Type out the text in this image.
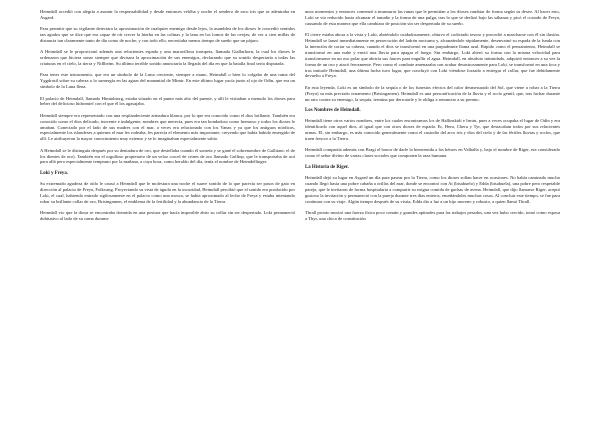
Heimdall accedió con alegría a asumir la responsabilidad y desde entonces velóba y noche el sendero de arco iris que se adentraba en Asgard.

Para permitir que su vigilante detectara la aproximación de cualquier enemigo desde lejos, la asamblea de los dioses le concedió sentidos tan agudos que se dice que era capaz de oír crecer la hierba en las colinas y la lana en los lomos de las ovejas; de ver a cien millas de distancia tan claramente tanto de día como de noche; y con todo ello, necesitaba menos tiempo de sueño que un pájaro.

A Heimdall se le proporcionó además una relucientes espada y una maravillosa trompeta, llamada Giallarhorn, la cual los dioses le ordenaron que hiciera sonar siempre que divisara la aproximación de sus enemigos, declarando que su sonido despertaría a todas las criaturas en el cielo, la tierra y Niflheim. Su último terrible sonido anunciaría la llegada del día en que la batalla final sería disputada.

Para tener este instrumento, que era un símbolo de la Luna creciente, siempre a mano, Heimdall o bien lo colgaba de una rama del Yggdrasil sobre su cabeza o lo sumergía en las aguas del manantial de Mimir. En este último lugar yacía junto al ojo de Odín, que era un símbolo de la Luna llena.

El palacio de Heimdall, llamado Himinbiorg, estaba situado en el punto más alto del puente, y allí le visitaban a menudo los dioses para beber del delicioso hidromiel con el que él los agasajaba.

Heimdall siempre era representado con una resplandeciente armadura blanca, por lo que era conocido como el dios brillante. También era conocido como el dios delicado, inocente e indulgente, nombres que merecía, pues era tan bondadoso como hermoso y todos los dioses le amaban. Conectado por el lado de sus madres con el mar, a veces era relacionado con los Vanas y ya que los antiguos nórdicos, especialmente los islandeses a quienes el mar les rodeaba, les parecía el elemento más importante, creyendo que había habido emergido de allí. Le atribuyeron la mayor conocimiento muy extenso y se lo imaginaban especialmente sabio.

A Heimdall se le distinguía después por su dentadura de oro, que destellaba cuando él sonreía y se gané el sobrenombre de Gullitani: el de los dientes de oro). También era el orgulloso propietario de un veloz corcel de crines de oro llamado Gulltop, que le transportaba de acá para allá pero especialmente temprano por la mañana, a cuya hora, como heraldo del día, tenía el nombre de Heimdellinger.

Loki y Freya.

Su extremado agudeza de oído le causó a Heimdall que le molestara una noche el suave sonido de lo que parecía ser pasos de gato en dirección al palacio de Freya, Folkvang. Proyectando su vista de águila en la oscuridad, Heimdall percibió que el sonido era producido por Loki, el cual, habiendo entrado sigilosamente en el palacio como una mosca, se había aproximado al lecho de Freya y estaba intentando robar su brillante collar de oro, Brisingamen, el emblema de la fertilidad y la abundancia de la Tierra.

Heimdall vio que la diosa se encontraba dormida en una postura que hacía imposible abrir su collar sin ser despertada. Loki permaneció dubitativo al lado de su cama durante

unos momentos y entonces comenzó a murmurar las runas que le permitían a los dioses cambiar de forma según su deseo. Al hacer esto, Loki se vio reducido hasta alcanzar el tamaño y la forma de una pulga, tras lo que se deslizó bajo las sábanas y picó el costado de Freya, causando de esta manera que ella cambiara de posición sin ser despertada de su sueño.

El cierre estaba ahora a la vista y Loki, abriéndolo cuidadosamente, obtuvo el codiciado tesoro y procedió a marcharse con él sin ilusión. Heimdall se lanzó inmediatamente en persecución del ladrón nocturno y, alcanzándole rápidamente, desenvainó su espada de la funda con la intención de cortar su cabeza, cuando el dios se transformó en una parpadeante llama azul. Rápido como el pensamiento, Heimdall se transformó en una nube y envió una lluvia para apagar el fuego. Sin embargo, Loki alteró su forma con la misma velocidad para transformarse en un oso polar que abriría sus fauces para engullir el agua. Heimdall, en absoluto intimidado, adquirió entonces a su vez la forma de un oso y atacó ferozmente. Pero como el combate amenazaba con acabar desastrosamente para Loki, se transformó en una foca y tras imitarle Heimdall, una última lucha tuvo lugar, que concluyó con Loki viéndose forzado a entregar el collar, que fue debidamente devuelto a Freya.

En esta leyenda, Loki es un símbolo de la sequía o de los funestos efectos del calor desmesurado del Sol, que viene a robar a la Tierra (Freya) su más preciado ornamento (Brisingamen). Heimdall es una personificación de la lluvia y el rocío gentil, que, tras luchar durante un rato contra su enemigo, la sequía, termina por derrotarle y le obliga a renunciar a su premio.

Los Nombres de Heimdall.

Heimdall tiene otros varios nombres, entre los cuales encontramos los de Hallinskidi e Irmin, pues a veces ocupaba el lugar de Odín y era identificado con aquel dios, al igual que con otros dioses de espada. Er, Heru, Cheru y Tyr, que destacaban todos por sus relucientes armas. El, sin embargo, es más conocido generalmente como el custodio del arco iris y dios del cielo y de las fértiles lluvias y rocíos, que traen frescor a la Tierra.

Heimdall compartía además con Bragi el honor de darle la bienvenida a los héroes en Valhalla y, bajo el nombre de Riger, era considerado como el señor divino de varias clases sociales que componen la raza humana.

La Historia de Riger.

Heimdall dejó su lugar en Asgard un día para pasear por la Tierra, como los dioses solían hacer en ocasiones. No había caminado mucho cuando llegó hasta una pobre cabaña a orillas del mar, donde se encontró con Ai (bisabuelo) y Edda (bisabuela), una pobre pero respetable pareja, que le invitaron de forma hospitalaria a compartir su exigua comida de gachas de avena. Heimdall, que dijo llamarse Riger, aceptó gustoso la invitación y permaneció con la pareja durante tres días enteros, enseñándoles muchas cosas. Al concluir este tiempo, se fue para continuar con su viaje. Algún tiempo después de su visita, Edda dio a luz a un hijo moreno y robusto, a quien llamó Thrall.

Thrall pronto mostró una fuerza física poco común y grandes aptitudes para las trabajos pesados, una vez hubo crecido, tomó como esposa a Thyr, una chica de constitución
